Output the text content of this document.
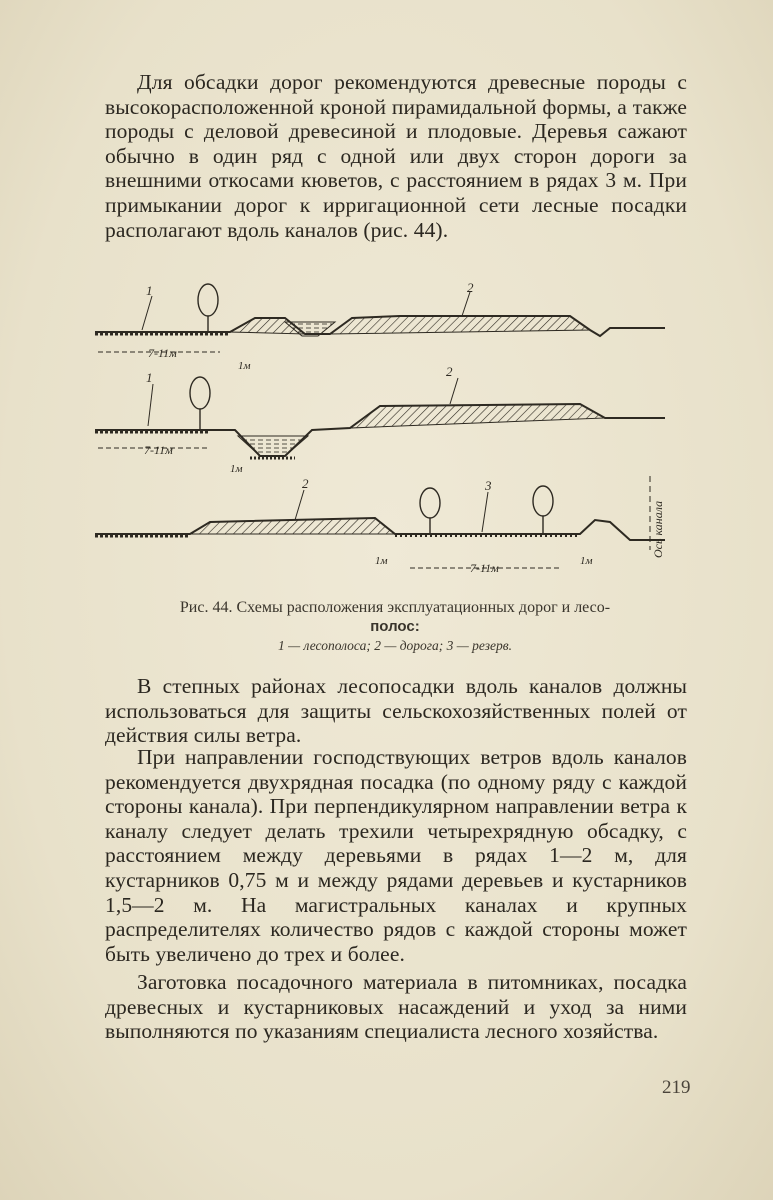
Для обсадки дорог рекомендуются древесные породы с высокорасположенной кроной пирамидальной формы, а также породы с деловой древесиной и плодовые. Деревья сажают обычно в один ряд с одной или двух сторон дороги за внешними откосами кюветов, с расстоянием в рядах 3 м. При примыкании дорог к ирригационной сети лесные посадки располагают вдоль каналов (рис. 44).

1	2
7-11м
1м
1	2
7-11м
1м
2	3
Ось канала
7-11м
1м	1м
Рис. 44. Схемы расположения эксплуатационных дорог и лесо-
полос:
1 — лесополоса; 2 — дорога; 3 — резерв.

В степных районах лесопосадки вдоль каналов должны использоваться для защиты сельскохозяйственных полей от действия силы ветра.

При направлении господствующих ветров вдоль каналов рекомендуется двухрядная посадка (по одному ряду с каждой стороны канала). При перпендикулярном направлении ветра к каналу следует делать трехили четырехрядную обсадку, с расстоянием между деревьями в рядах 1—2 м, для кустарников 0,75 м и между рядами деревьев и кустарников 1,5—2 м. На магистральных каналах и крупных распределителях количество рядов с каждой стороны может быть увеличено до трех и более.

Заготовка посадочного материала в питомниках, посадка древесных и кустарниковых насаждений и уход за ними выполняются по указаниям специалиста лесного хозяйства.

219
